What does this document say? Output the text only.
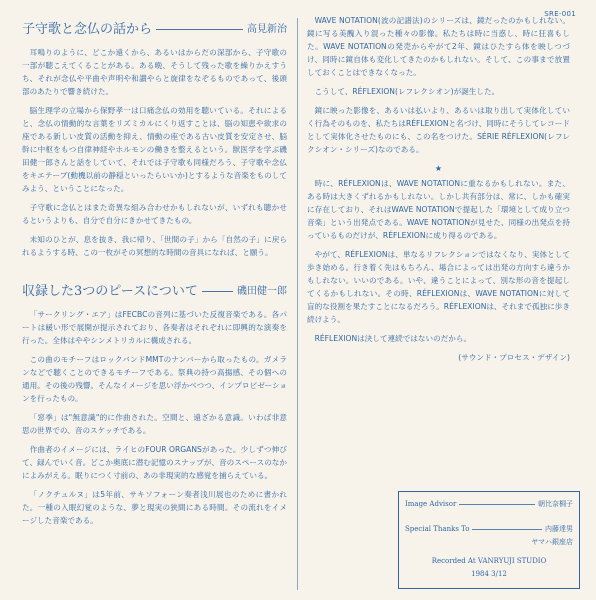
SRE-001
子守歌と念仏の話から	高見新治

耳鳴りのように、どこか遠くから、あるいはからだの深部から、子守歌の一部が聴こえてくることがある。ある晩、そうして残った歌を繰りかえすうち、それが念仏や平曲や声明や和讃やらと旋律をなぞるものであって、後頭部のあたりで響き続けた。

脳生理学の立場から保野孝一は口痛念仏の効用を聴いている。それによると、念仏の情動的な言葉をリズミカルにくり返すことは、脳の知恵や欲求の座である新しい皮質の活動を抑え、情動の座である古い皮質を安定させ、脳幹に中枢をもつ自律神経やホルモンの働きを整えるという。獣医学を学ぶ磯田健一郎さんと話をしていて、それでは子守歌も同様だろう、子守歌や念仏をキエテーブ(動機以前の静穏といったらいいか)とするような音楽をものしてみよう、ということになった。

子守歌に念仏とはまた奇異な組み合わせかもしれないが、いずれも聴かせるというよりも、自分で自分にきかせてきたもの。

未知のひとが、息を抜き、我に帰り、「世間の子」から「自然の子」に戻られるようする時、この一枚がその冥想的な時間の音具になれば、と願う。

収録した3つのピースについて	磯田健一郎

「サークリング・エア」はFECBCの音列に基づいた反復音楽である。各パートは緩い形で展開が提示されており、各奏者はそれぞれに即興的な演奏を行った。全体はややシンメトリカルに構成される。

この曲のモチーフはロックバンドMMTのナンバーから取ったもの。ガメランなどで聴くことのできるモチーフである。祭典の持つ高揚感、その個への通用。その後の残響。そんなイメージを思い浮かべつつ、インプロビゼーションを行ったもの。

「窓季」は"無意識"的に作曲された。空間と、遠ざかる意識。いわば非意思の世界での、音のスケッチである。

作曲者のイメージには、ライヒのFOUR ORGANSがあった。少しずつ伸びて、録んでいく音。どこか奥底に潜む記憶のスナップが、音のスペースのなかによみがえる。眠りにつく寸前の、あの非現実的な感覚を捕らえている。

「ノクチュルヌ」は5年前、サキソフォーン奏者浅川展也のために書かれた。一種の入眠幻覚のような、夢と現実の狭間にある時間。その流れをイメージした音楽である。

WAVE NOTATION(波の記譜法)のシリーズは、鏡だったのかもしれない。鏡に写る美醜入り混った種々の影像。私たちは時に当惑し、時に狂喜もした。WAVE NOTATIONの発売からやがて2年、鏡はひたすら体を映しつづけ、同時に鏡自体も変化してきたのかもしれない。そして、この事まで放置しておくことはできなくなった。

こうして、RÉFLEXION(レフレクシオン)が誕生した。

鏡に映った影像を、あるいは払いより、あるいは取り出して実体化していく行為そのものを、私たちはRÉFLEXIONと名づけ、同時にそうしてレコードとして実体化させたものにも、この名をつけた。SÉRIE RÉFLEXION(レフレクシオン・シリーズ)なのである。

★

時に、RÉFLEXIONは、WAVE NOTATIONに重なるかもしれない。また、ある時は大きくずれるかもしれない。しかし共有部分は、常に、しかも確実に存在しており、それはWAVE NOTATIONで提起した「環境として成り立つ音楽」という出発点である。WAVE NOTATIONが見せた、同様の出発点を持っているものだけが、RÉFLEXIONに成り得るのである。

やがて、RÉFLEXIONは、単なるリフレクションではなくなり、実体として歩き始める。行き着く先はもちろん、場合によっては出発の方向すら違うかもしれない。いいのである。いや、違うことによって、別な形の音を提起してくるかもしれない。その時、RÉFLEXIONは、WAVE NOTATIONに対して盲的な役割を果たすことになるだろう。RÉFLEXIONは、それまで孤独に歩き続けよう。

RÉFLEXIONは決して連続ではないのだから。

(サウンド・プロセス・デザイン)
Image Advisor	朝比奈桐子
Special Thanks To	内藤達男
ヤマハ銀座店
Recorded At VANRYUJI STUDIO
1984 3/12
